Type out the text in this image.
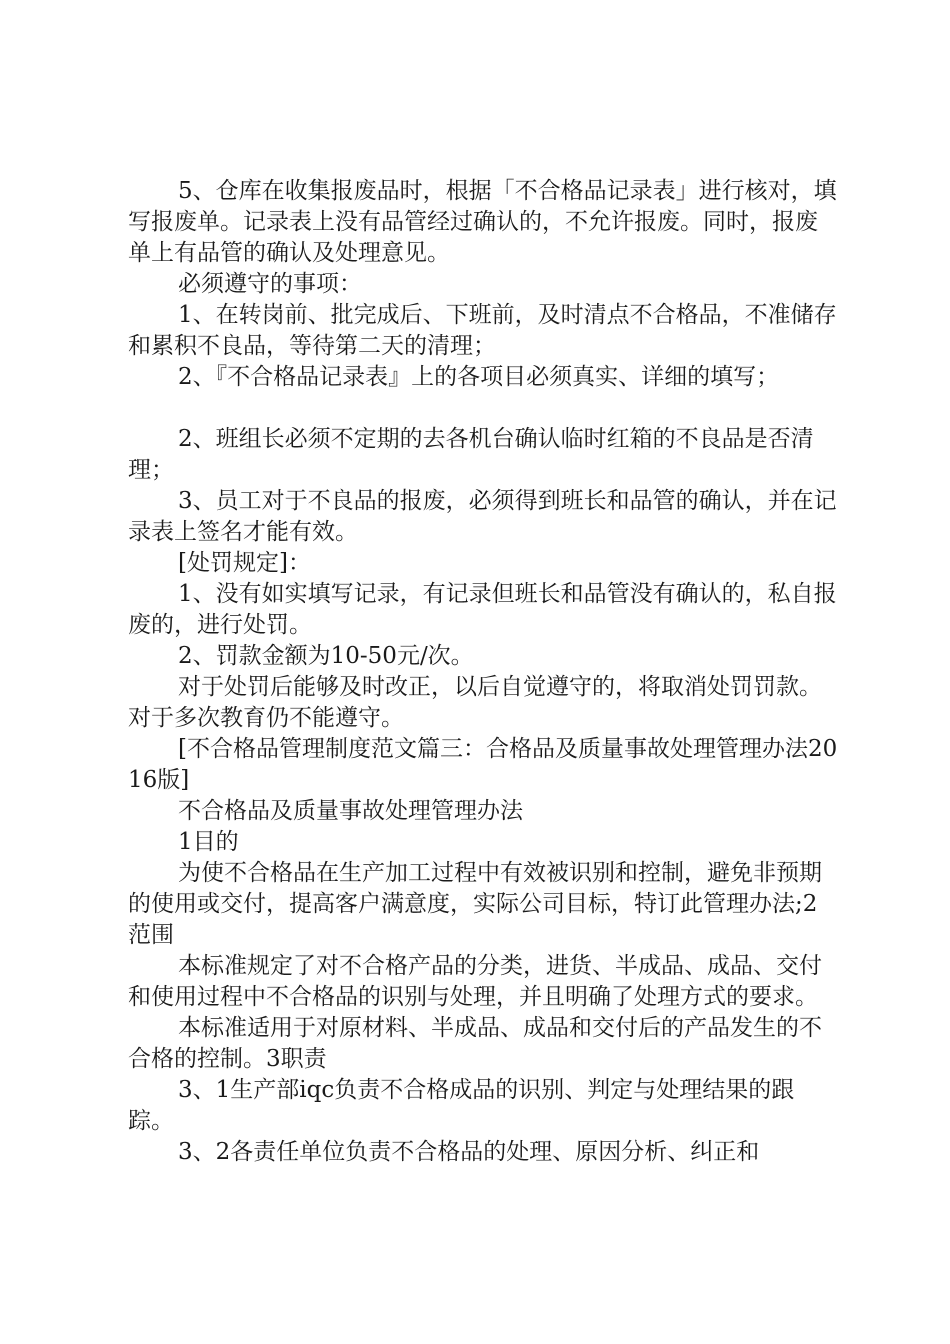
5、仓库在收集报废品时，根据「不合格品记录表」进行核对，填写报废单。记录表上没有品管经过确认的，不允许报废。同时，报废单上有品管的确认及处理意见。

必须遵守的事项：

1、在转岗前、批完成后、下班前，及时清点不合格品，不准储存和累积不良品，等待第二天的清理；

2、『不合格品记录表』上的各项目必须真实、详细的填写；

2、班组长必须不定期的去各机台确认临时红箱的不良品是否清理；

3、员工对于不良品的报废，必须得到班长和品管的确认，并在记录表上签名才能有效。

[处罚规定]：

1、没有如实填写记录，有记录但班长和品管没有确认的，私自报废的，进行处罚。

2、罚款金额为10-50元/次。

对于处罚后能够及时改正，以后自觉遵守的，将取消处罚罚款。对于多次教育仍不能遵守。

[不合格品管理制度范文篇三：合格品及质量事故处理管理办法2016版]

不合格品及质量事故处理管理办法

1目的

为使不合格品在生产加工过程中有效被识别和控制，避免非预期的使用或交付，提高客户满意度，实际公司目标，特订此管理办法;2范围

本标准规定了对不合格产品的分类，进货、半成品、成品、交付和使用过程中不合格品的识别与处理，并且明确了处理方式的要求。

本标准适用于对原材料、半成品、成品和交付后的产品发生的不合格的控制。3职责

3、1生产部iqc负责不合格成品的识别、判定与处理结果的跟踪。

3、2各责任单位负责不合格品的处理、原因分析、纠正和
